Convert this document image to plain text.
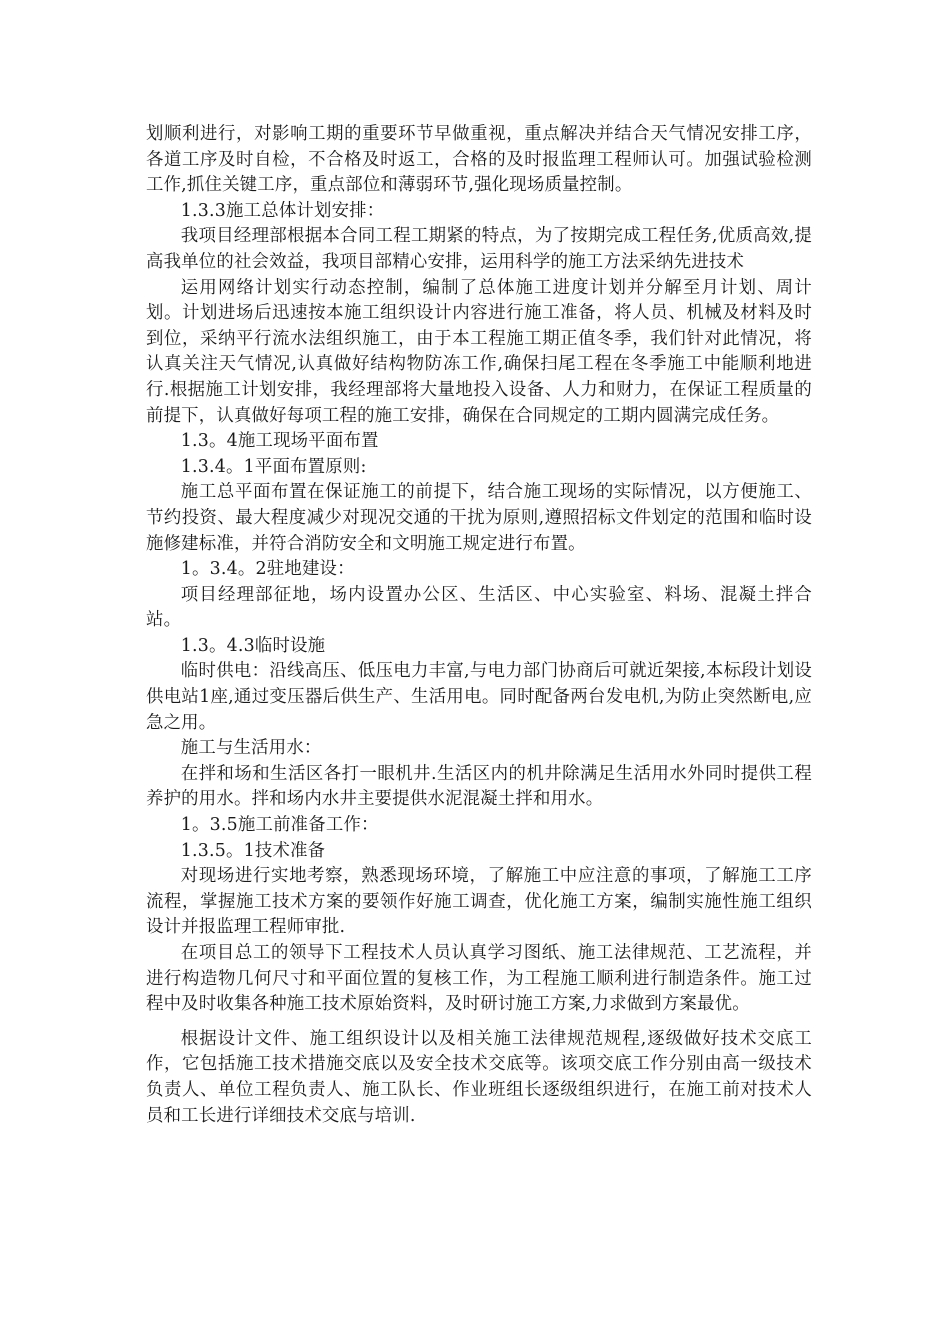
划顺利进行，对影响工期的重要环节早做重视，重点解决并结合天气情况安排工序，各道工序及时自检，不合格及时返工，合格的及时报监理工程师认可。加强试验检测工作,抓住关键工序，重点部位和薄弱环节,强化现场质量控制。

1.3.3施工总体计划安排：

我项目经理部根据本合同工程工期紧的特点，为了按期完成工程任务,优质高效,提高我单位的社会效益，我项目部精心安排，运用科学的施工方法采纳先进技术

运用网络计划实行动态控制，编制了总体施工进度计划并分解至月计划、周计划。计划进场后迅速按本施工组织设计内容进行施工准备，将人员、机械及材料及时到位，采纳平行流水法组织施工，由于本工程施工期正值冬季，我们针对此情况，将认真关注天气情况,认真做好结构物防冻工作,确保扫尾工程在冬季施工中能顺利地进行.根据施工计划安排，我经理部将大量地投入设备、人力和财力，在保证工程质量的前提下，认真做好每项工程的施工安排，确保在合同规定的工期内圆满完成任务。

1.3。4施工现场平面布置

1.3.4。1平面布置原则:

施工总平面布置在保证施工的前提下，结合施工现场的实际情况，以方便施工、节约投资、最大程度减少对现况交通的干扰为原则,遵照招标文件划定的范围和临时设施修建标准，并符合消防安全和文明施工规定进行布置。

1。3.4。2驻地建设：

项目经理部征地，场内设置办公区、生活区、中心实验室、料场、混凝土拌合站。

1.3。4.3临时设施

临时供电：沿线高压、低压电力丰富,与电力部门协商后可就近架接,本标段计划设供电站1座,通过变压器后供生产、生活用电。同时配备两台发电机,为防止突然断电,应急之用。

施工与生活用水：

在拌和场和生活区各打一眼机井.生活区内的机井除满足生活用水外同时提供工程养护的用水。拌和场内水井主要提供水泥混凝土拌和用水。

1。3.5施工前准备工作：

1.3.5。1技术准备

对现场进行实地考察，熟悉现场环境，了解施工中应注意的事项，了解施工工序流程，掌握施工技术方案的要领作好施工调查，优化施工方案，编制实施性施工组织设计并报监理工程师审批.

在项目总工的领导下工程技术人员认真学习图纸、施工法律规范、工艺流程，并进行构造物几何尺寸和平面位置的复核工作，为工程施工顺利进行制造条件。施工过程中及时收集各种施工技术原始资料，及时研讨施工方案,力求做到方案最优。

根据设计文件、施工组织设计以及相关施工法律规范规程,逐级做好技术交底工作，它包括施工技术措施交底以及安全技术交底等。该项交底工作分别由高一级技术负责人、单位工程负责人、施工队长、作业班组长逐级组织进行，在施工前对技术人员和工长进行详细技术交底与培训.
